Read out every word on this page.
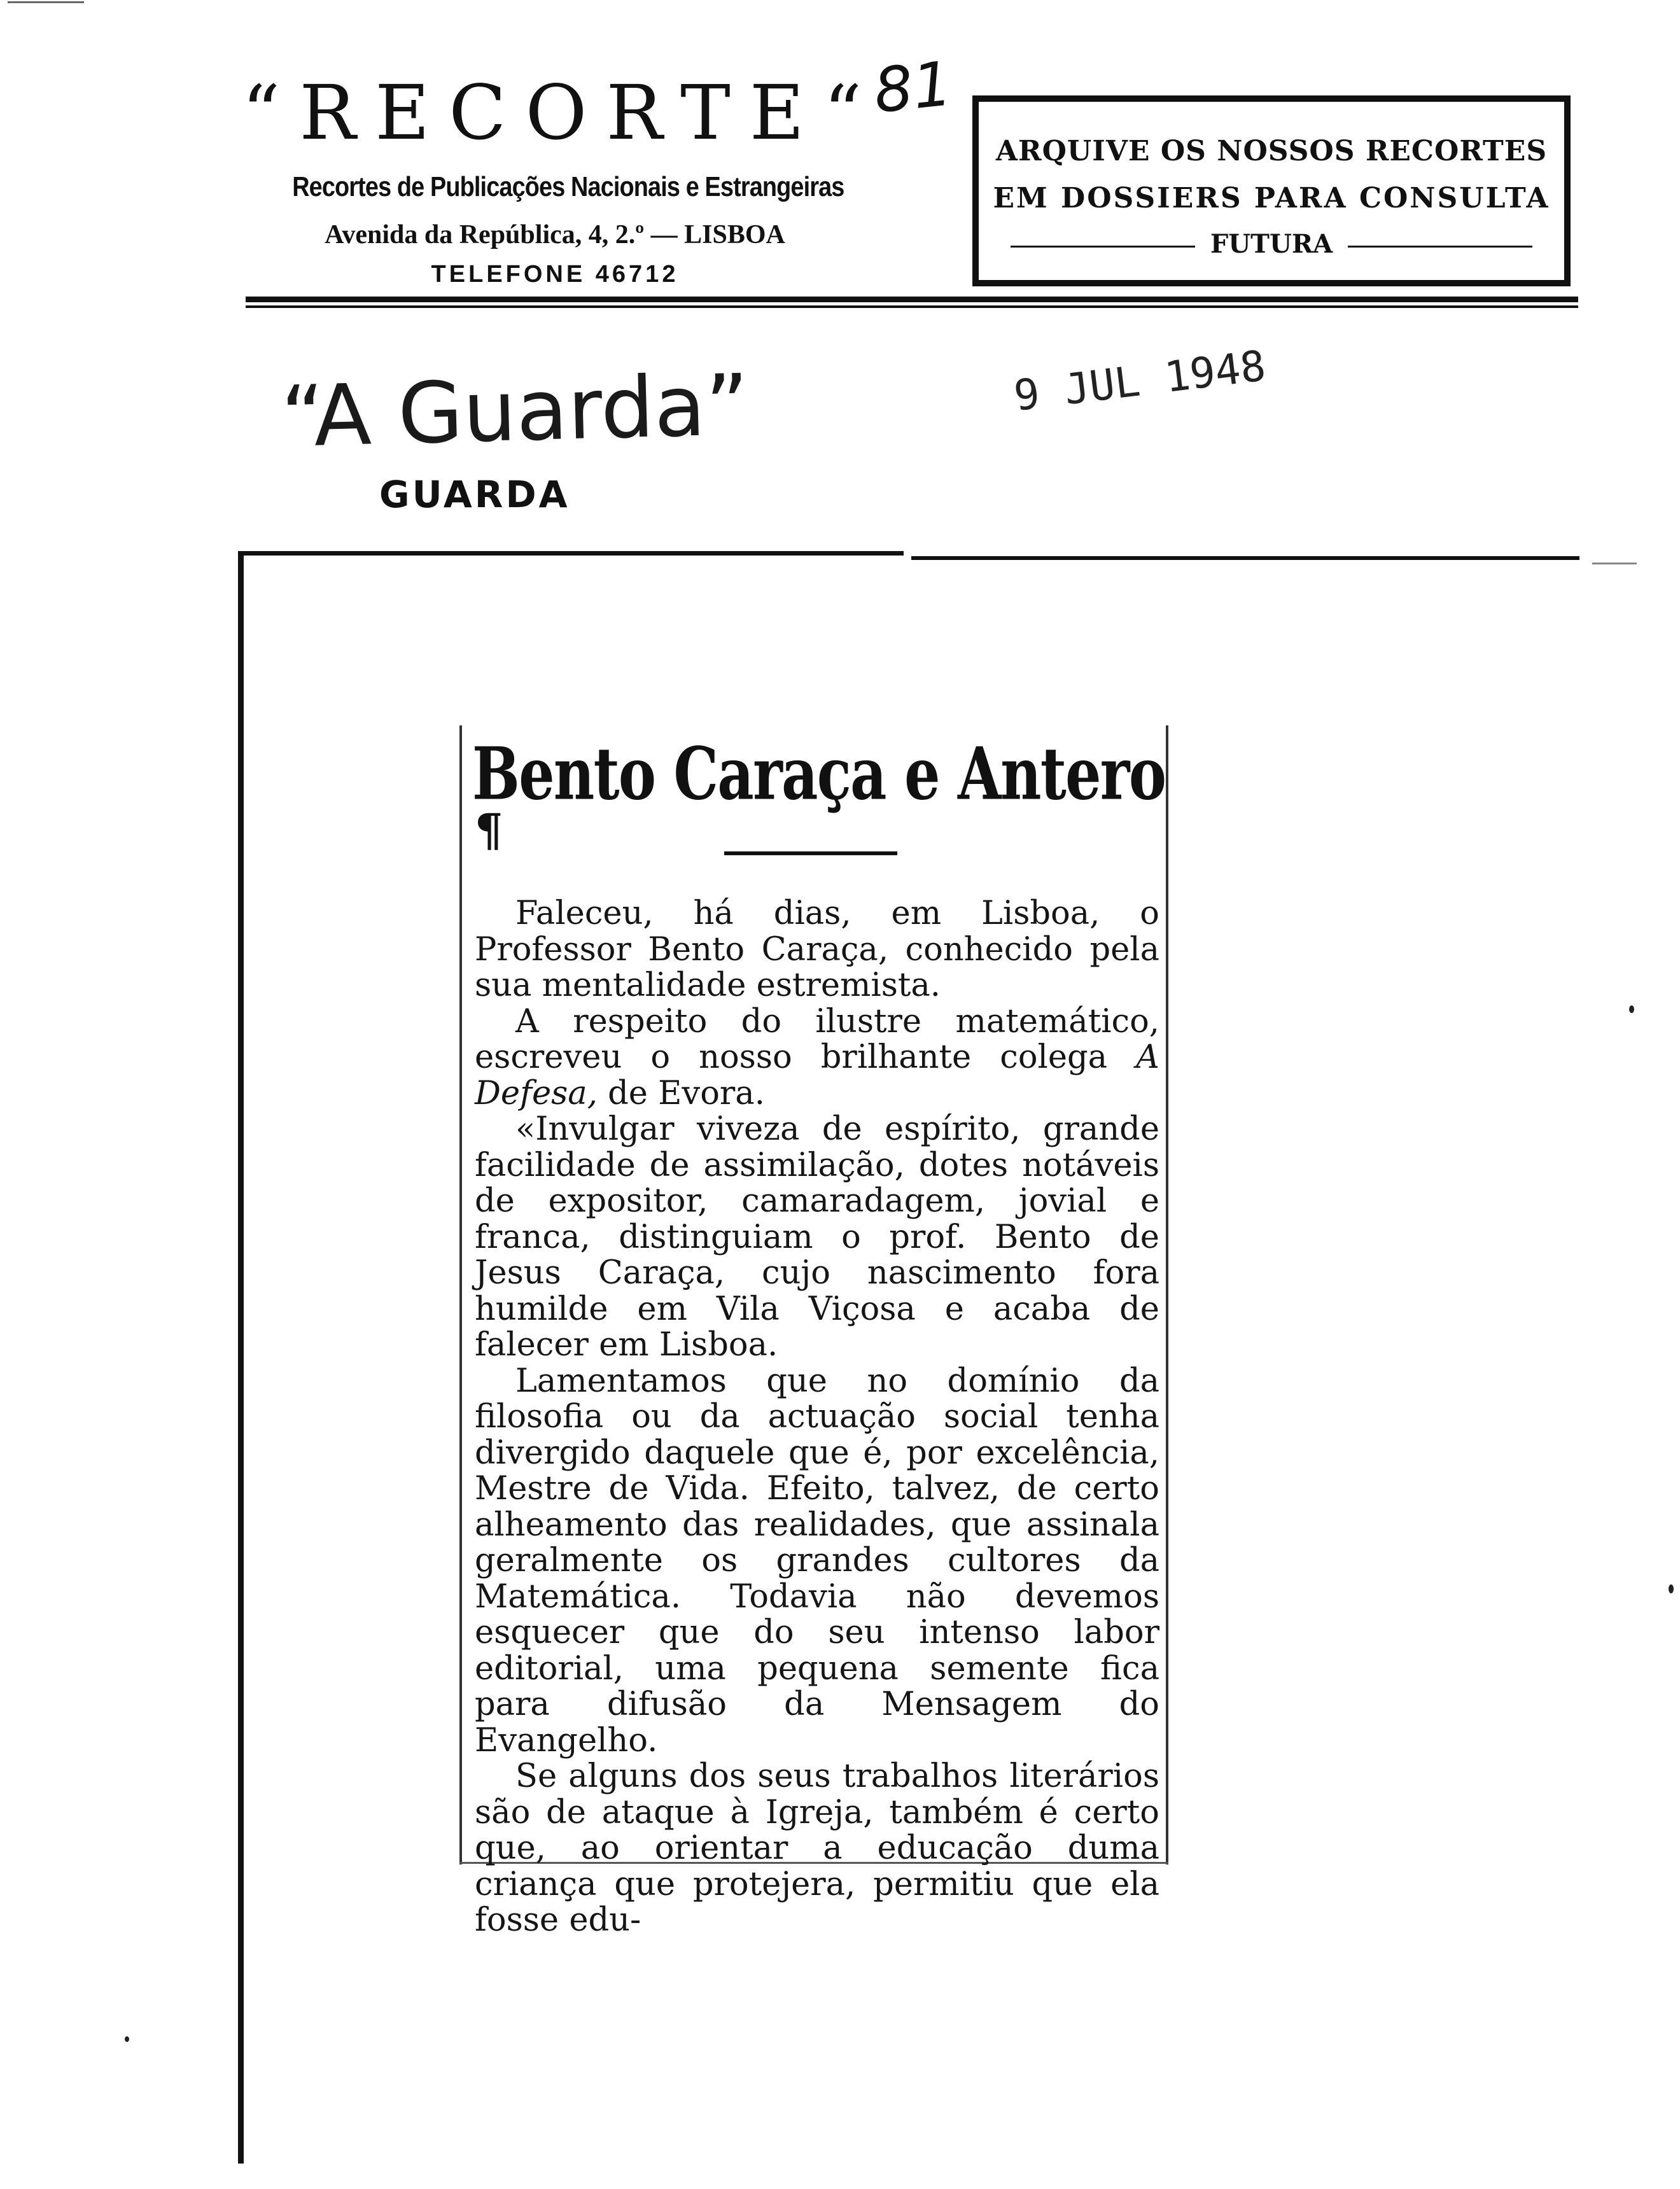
“RECORTE“
81
Recortes de Publicações Nacionais e Estrangeiras
Avenida da República, 4, 2.º — LISBOA
TELEFONE 46712
ARQUIVE OS NOSSOS RECORTES
EM DOSSIERS PARA CONSULTA
FUTURA
“A Guarda”
GUARDA
9 JUL 1948
Bento Caraça e Antero
¶

Faleceu, há dias, em Lisboa, o Professor Bento Caraça, conhecido pela sua mentalidade estremista.

A respeito do ilustre matemático, escreveu o nosso brilhante colega A Defesa, de Evora.

«Invulgar viveza de espírito, grande facilidade de assimilação, dotes notáveis de expositor, camaradagem, jovial e franca, distinguiam o prof. Bento de Jesus Caraça, cujo nascimento fora humilde em Vila Viçosa e acaba de falecer em Lisboa.

Lamentamos que no domínio da filosofia ou da actuação social tenha divergido daquele que é, por excelência, Mestre de Vida. Efeito, talvez, de certo alheamento das realidades, que assinala geralmente os grandes cultores da Matemática. Todavia não devemos esquecer que do seu intenso labor editorial, uma pequena semente fica para difusão da Mensagem do Evangelho.

Se alguns dos seus trabalhos literários são de ataque à Igreja, também é certo que, ao orientar a educação duma criança que protejera, permitiu que ela fosse edu-
